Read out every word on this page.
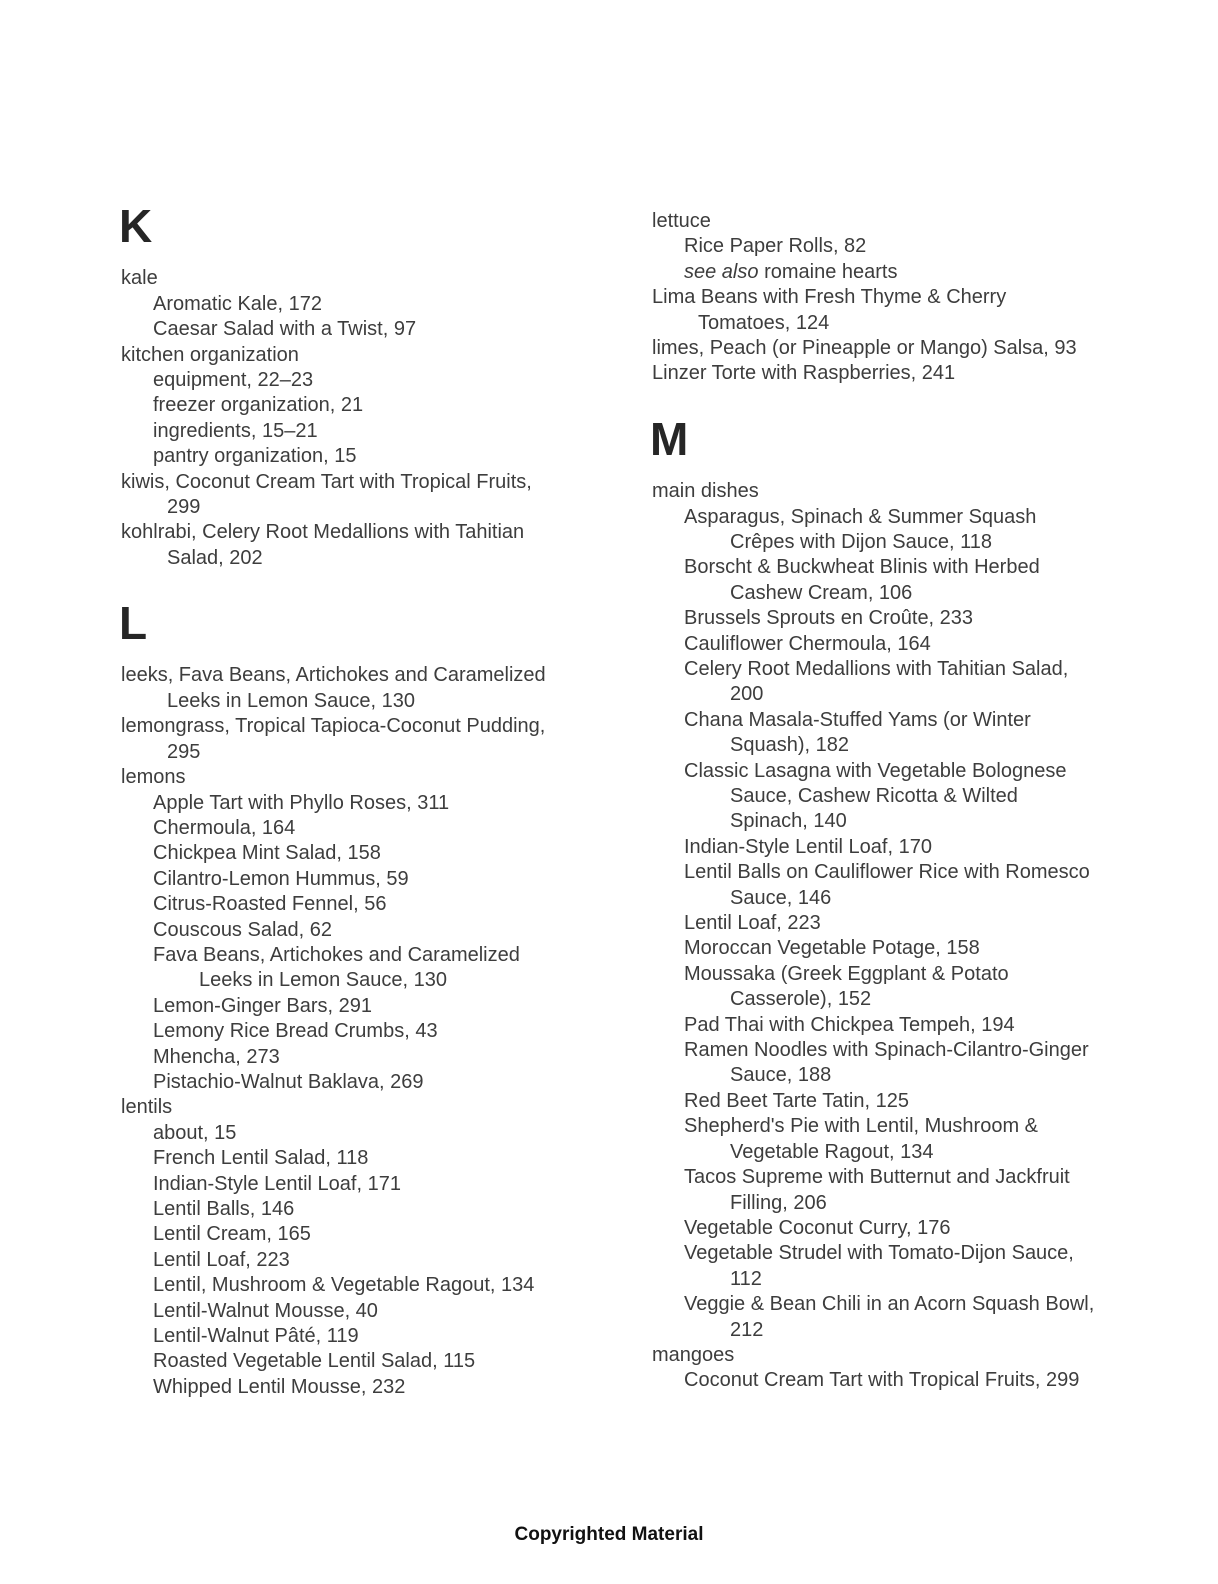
K
kale
Aromatic Kale, 172
Caesar Salad with a Twist, 97
kitchen organization
equipment, 22–23
freezer organization, 21
ingredients, 15–21
pantry organization, 15
kiwis, Coconut Cream Tart with Tropical Fruits, 299
kohlrabi, Celery Root Medallions with Tahitian Salad, 202
L
leeks, Fava Beans, Artichokes and Caramelized Leeks in Lemon Sauce, 130
lemongrass, Tropical Tapioca-Coconut Pudding, 295
lemons
Apple Tart with Phyllo Roses, 311
Chermoula, 164
Chickpea Mint Salad, 158
Cilantro-Lemon Hummus, 59
Citrus-Roasted Fennel, 56
Couscous Salad, 62
Fava Beans, Artichokes and Caramelized Leeks in Lemon Sauce, 130
Lemon-Ginger Bars, 291
Lemony Rice Bread Crumbs, 43
Mhencha, 273
Pistachio-Walnut Baklava, 269
lentils
about, 15
French Lentil Salad, 118
Indian-Style Lentil Loaf, 171
Lentil Balls, 146
Lentil Cream, 165
Lentil Loaf, 223
Lentil, Mushroom & Vegetable Ragout, 134
Lentil-Walnut Mousse, 40
Lentil-Walnut Pâté, 119
Roasted Vegetable Lentil Salad, 115
Whipped Lentil Mousse, 232
lettuce
Rice Paper Rolls, 82
see also romaine hearts
Lima Beans with Fresh Thyme & Cherry Tomatoes, 124
limes, Peach (or Pineapple or Mango) Salsa, 93
Linzer Torte with Raspberries, 241
M
main dishes
Asparagus, Spinach & Summer Squash Crêpes with Dijon Sauce, 118
Borscht & Buckwheat Blinis with Herbed Cashew Cream, 106
Brussels Sprouts en Croûte, 233
Cauliflower Chermoula, 164
Celery Root Medallions with Tahitian Salad, 200
Chana Masala-Stuffed Yams (or Winter Squash), 182
Classic Lasagna with Vegetable Bolognese Sauce, Cashew Ricotta & Wilted Spinach, 140
Indian-Style Lentil Loaf, 170
Lentil Balls on Cauliflower Rice with Romesco Sauce, 146
Lentil Loaf, 223
Moroccan Vegetable Potage, 158
Moussaka (Greek Eggplant & Potato Casserole), 152
Pad Thai with Chickpea Tempeh, 194
Ramen Noodles with Spinach-Cilantro-Ginger Sauce, 188
Red Beet Tarte Tatin, 125
Shepherd's Pie with Lentil, Mushroom & Vegetable Ragout, 134
Tacos Supreme with Butternut and Jackfruit Filling, 206
Vegetable Coconut Curry, 176
Vegetable Strudel with Tomato-Dijon Sauce, 112
Veggie & Bean Chili in an Acorn Squash Bowl, 212
mangoes
Coconut Cream Tart with Tropical Fruits, 299
Copyrighted Material
